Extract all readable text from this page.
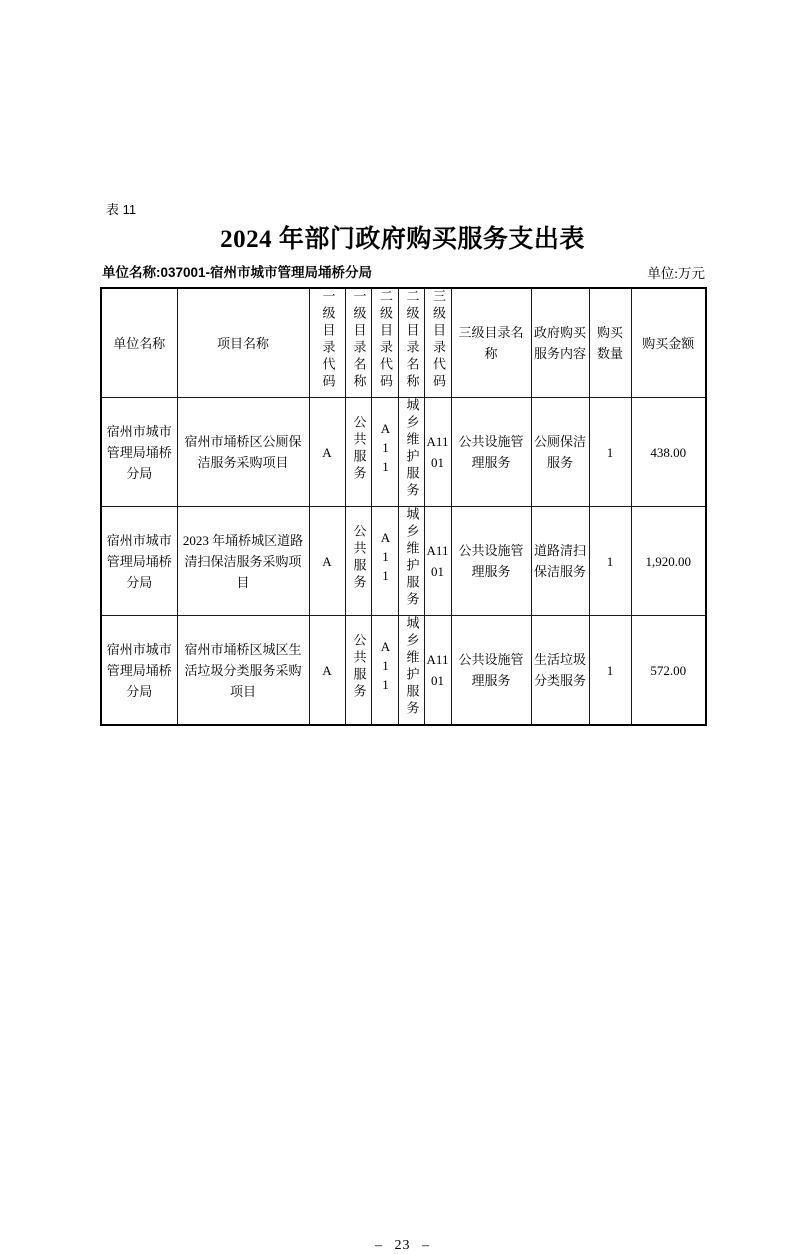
表 11
2024 年部门政府购买服务支出表
单位名称:037001-宿州市城市管理局埇桥分局	单位:万元
单位名称	项目名称	一级目录代码	一级目录名称	二级目录代码	二级目录名称	三级目录代码	三级目录名称	政府购买服务内容	购买数量	购买金额
宿州市城市管理局埇桥分局	宿州市埇桥区公厕保洁服务采购项目	A	公共服务	A11	城乡维护服务	A1101	公共设施管理服务	公厕保洁服务	1	438.00
宿州市城市管理局埇桥分局	2023 年埇桥城区道路清扫保洁服务采购项目	A	公共服务	A11	城乡维护服务	A1101	公共设施管理服务	道路清扫保洁服务	1	1,920.00
宿州市城市管理局埇桥分局	宿州市埇桥区城区生活垃圾分类服务采购项目	A	公共服务	A11	城乡维护服务	A1101	公共设施管理服务	生活垃圾分类服务	1	572.00
– 23 –
